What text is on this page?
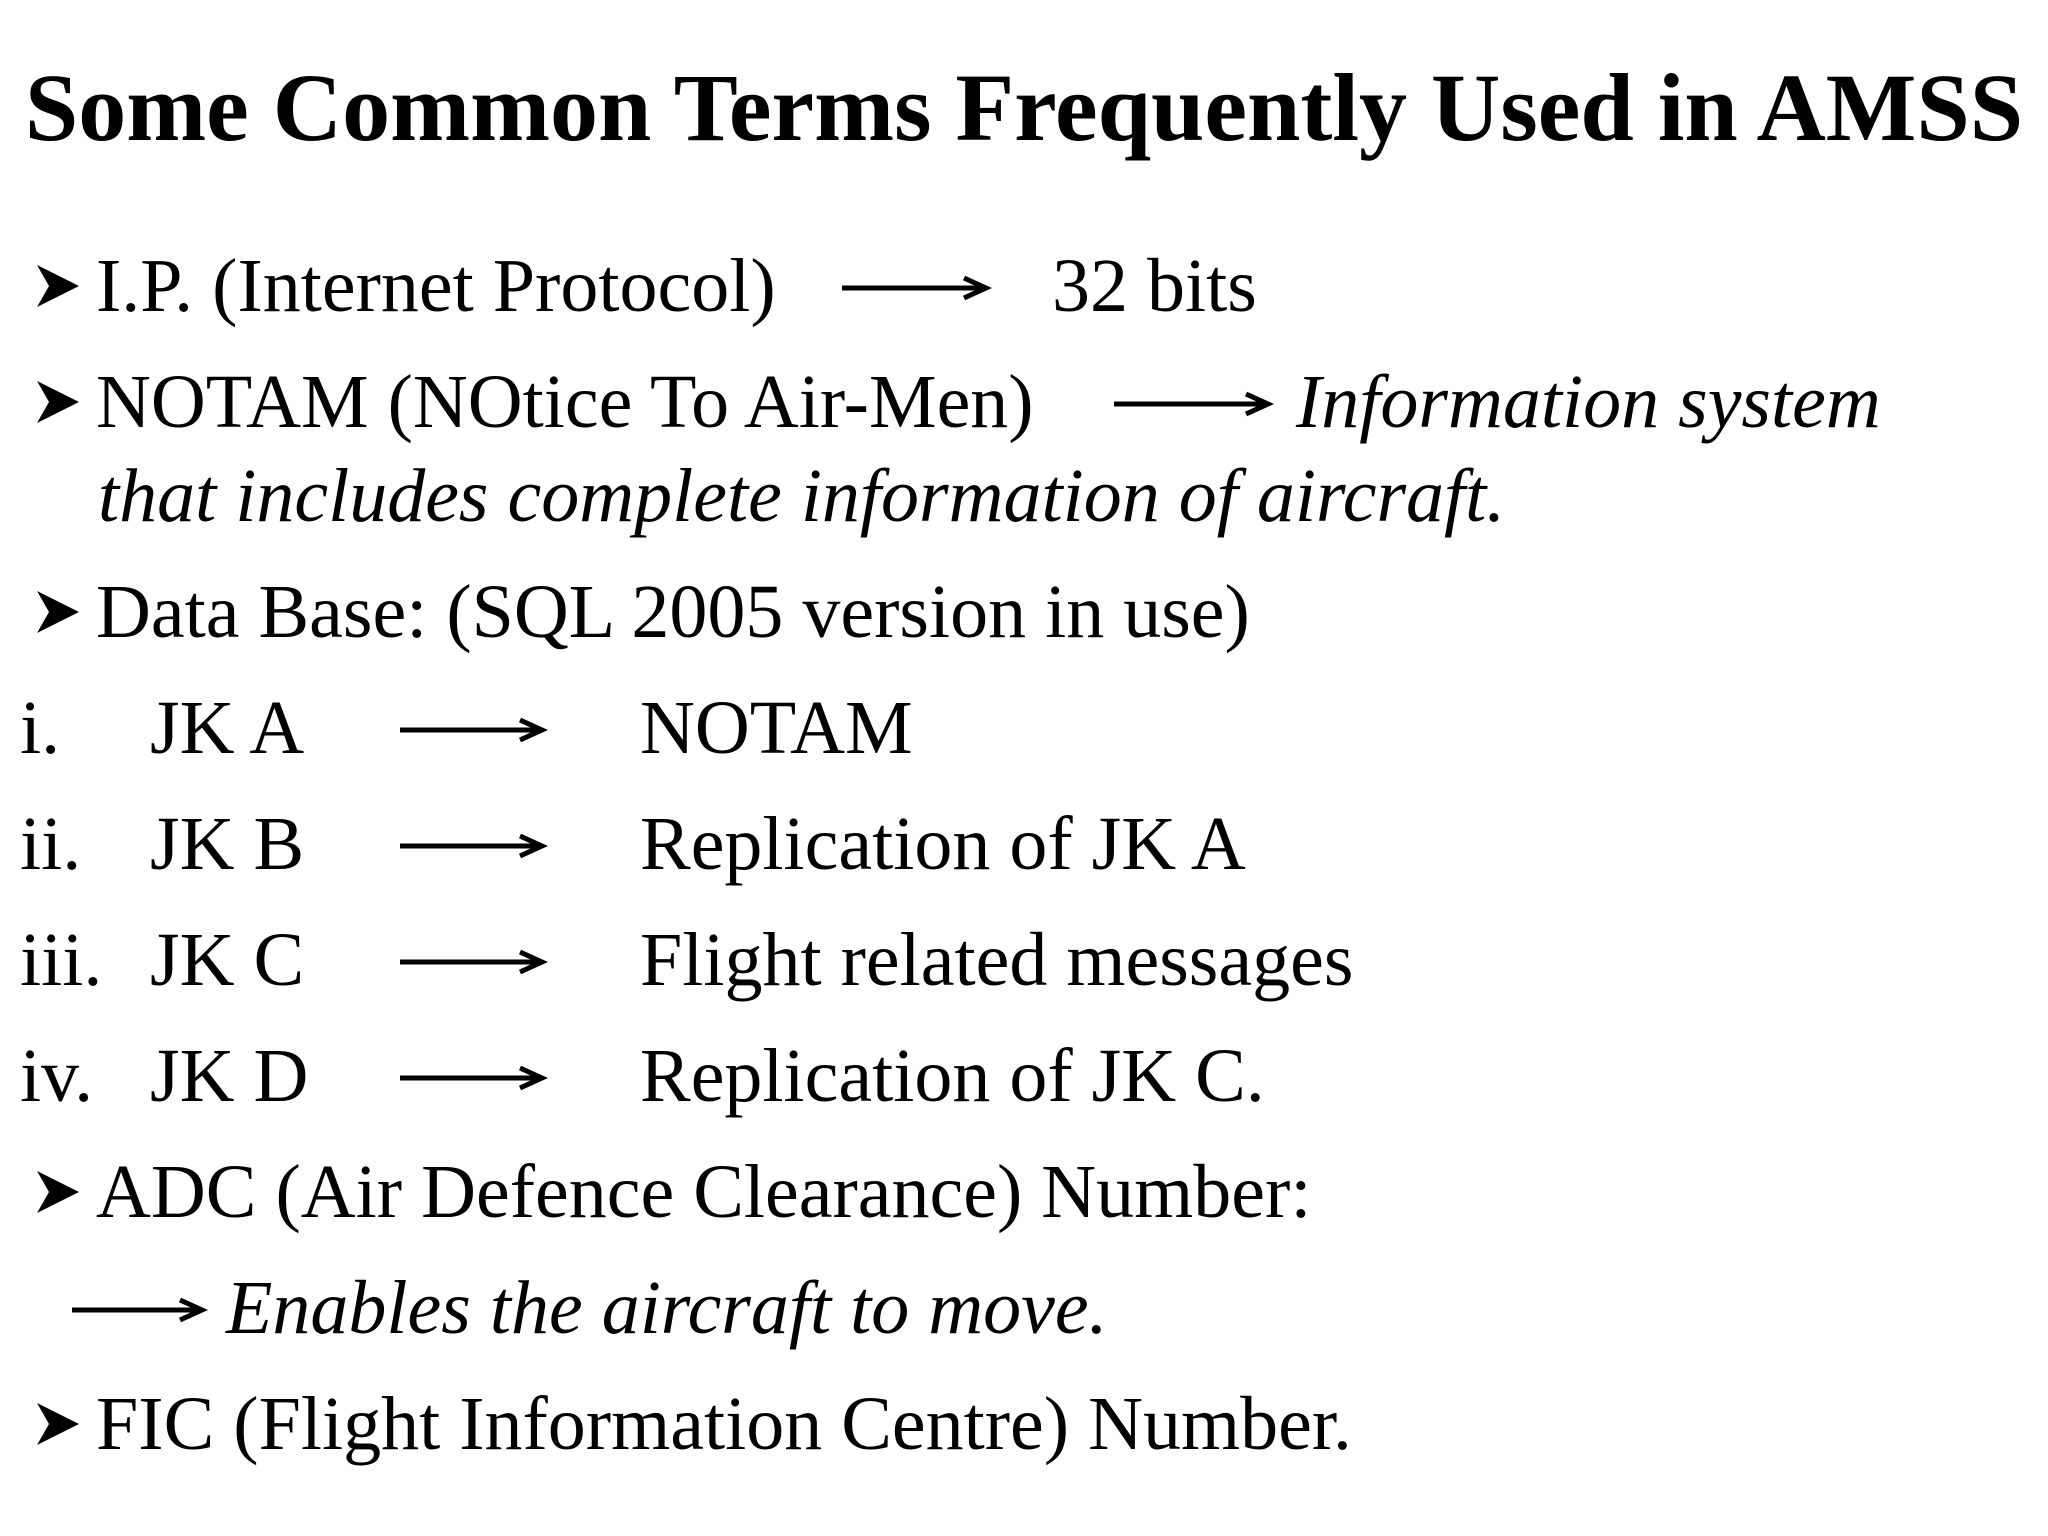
Some Common Terms Frequently Used in AMSS
I.P. (Internet Protocol)	32 bits
NOTAM (NOtice To Air-Men)	Information system
that includes complete information of aircraft.
Data Base: (SQL 2005 version in use)
i. JK A	NOTAM
ii. JK B	Replication of JK A
iii. JK C	Flight related messages
iv. JK D	Replication of JK C.
ADC (Air Defence Clearance) Number:
Enables the aircraft to move.
FIC (Flight Information Centre) Number.
